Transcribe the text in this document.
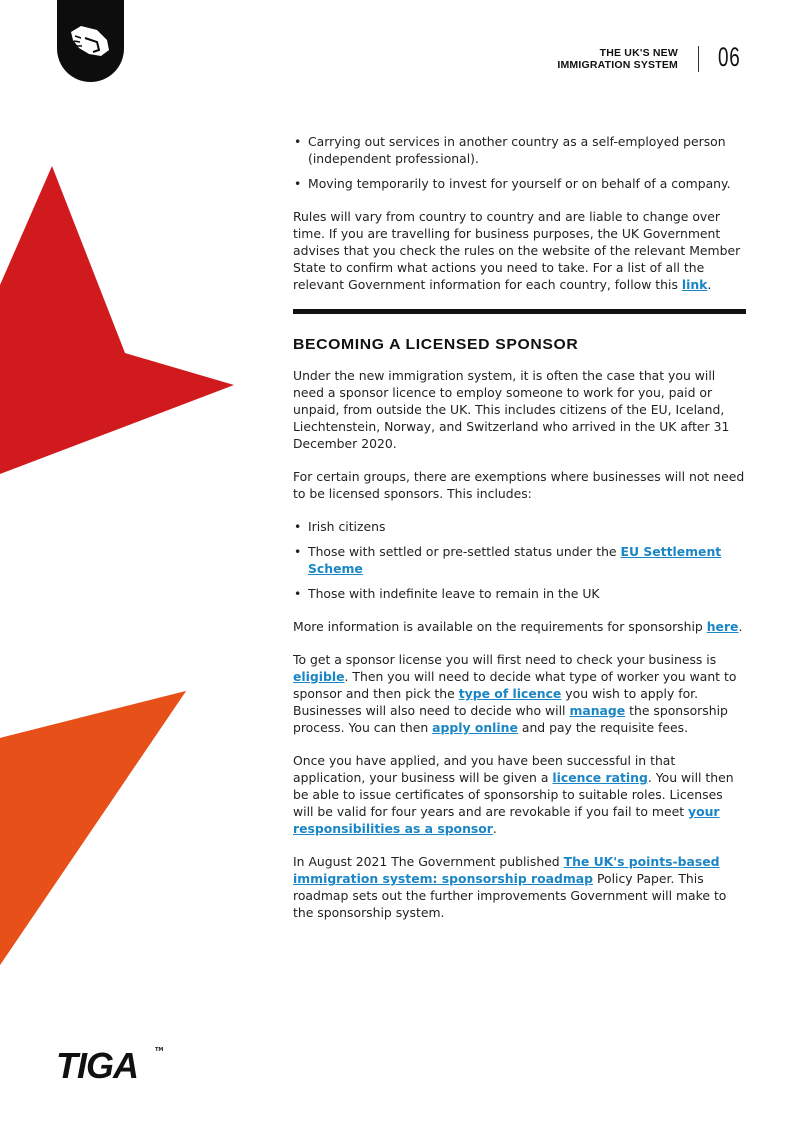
THE UK'S NEW
IMMIGRATION SYSTEM 06
• Carrying out services in another country as a self-employed person (independent professional).
• Moving temporarily to invest for yourself or on behalf of a company.

Rules will vary from country to country and are liable to change over time. If you are travelling for business purposes, the UK Government advises that you check the rules on the website of the relevant Member State to confirm what actions you need to take. For a list of all the relevant Government information for each country, follow this link.

BECOMING A LICENSED SPONSOR

Under the new immigration system, it is often the case that you will need a sponsor licence to employ someone to work for you, paid or unpaid, from outside the UK. This includes citizens of the EU, Iceland, Liechtenstein, Norway, and Switzerland who arrived in the UK after 31 December 2020.

For certain groups, there are exemptions where businesses will not need to be licensed sponsors. This includes:

• Irish citizens
• Those with settled or pre-settled status under the EU Settlement Scheme
• Those with indefinite leave to remain in the UK

More information is available on the requirements for sponsorship here.

To get a sponsor license you will first need to check your business is eligible. Then you will need to decide what type of worker you want to sponsor and then pick the type of licence you wish to apply for. Businesses will also need to decide who will manage the sponsorship process. You can then apply online and pay the requisite fees.

Once you have applied, and you have been successful in that application, your business will be given a licence rating. You will then be able to issue certificates of sponsorship to suitable roles. Licenses will be valid for four years and are revokable if you fail to meet your responsibilities as a sponsor.

In August 2021 The Government published The UK's points-based immigration system: sponsorship roadmap Policy Paper. This roadmap sets out the further improvements Government will make to the sponsorship system.

TIGA	TM
